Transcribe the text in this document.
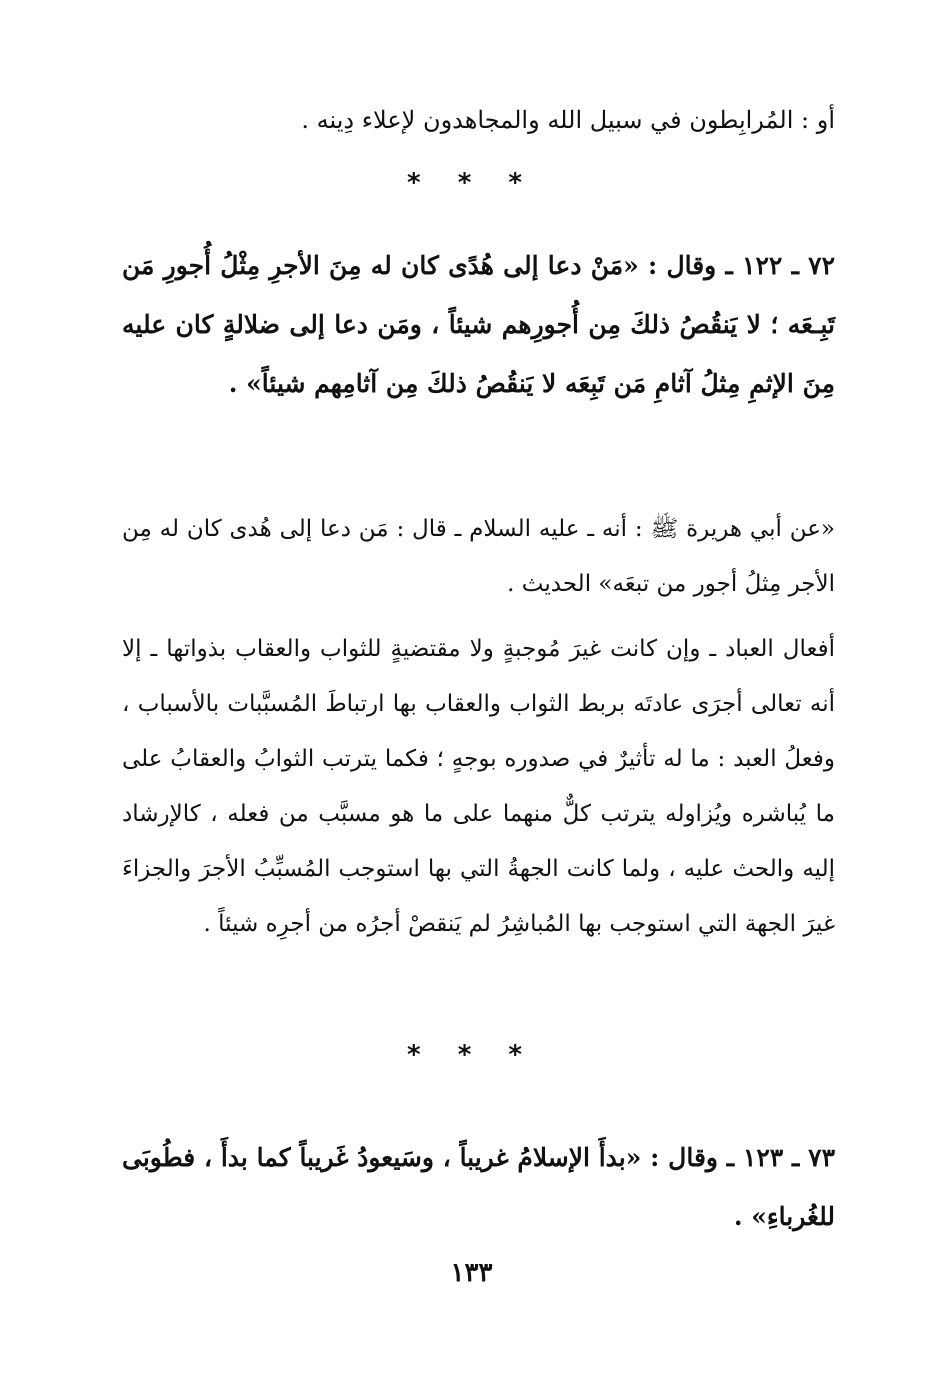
أو : المُرابِطون في سبيل الله والمجاهدون لإعلاء دِينه .

* * *

٧٢ ـ ١٢٢ ـ وقال : «مَنْ دعا إلى هُدًى كان له مِنَ الأجرِ مِثْلُ أُجورِ مَن تَبِـعَه ؛ لا يَنقُصُ ذلكَ مِن أُجورِهم شيئاً ، ومَن دعا إلى ضلالةٍ كان عليه مِنَ الإثمِ مِثلُ آثامِ مَن تَبِعَه لا يَنقُصُ ذلكَ مِن آثامِهم شيئاً» .

«عن أبي هريرة ﷺ : أنه ـ عليه السلام ـ قال : مَن دعا إلى هُدى كان له مِن الأجر مِثلُ أجور من تبعَه» الحديث .

أفعال العباد ـ وإن كانت غيرَ مُوجبةٍ ولا مقتضيةٍ للثواب والعقاب بذواتها ـ إلا أنه تعالى أجرَى عادتَه بربط الثواب والعقاب بها ارتباطَ المُسبَّبات بالأسباب ، وفعلُ العبد : ما له تأثيرٌ في صدوره بوجهٍ ؛ فكما يترتب الثوابُ والعقابُ على ما يُباشره ويُزاوله يترتب كلٌّ منهما على ما هو مسبَّب من فعله ، كالإرشاد إليه والحث عليه ، ولما كانت الجهةُ التي بها استوجب المُسبِّبُ الأجرَ والجزاءَ غيرَ الجهة التي استوجب بها المُباشِرُ لم يَنقصْ أجرُه من أجرِه شيئاً .

* * *

٧٣ ـ ١٢٣ ـ وقال : «بدأَ الإسلامُ غريباً ، وسَيعودُ غَريباً كما بدأَ ، فطُوبَى للغُرباءِ» .

١٣٣
